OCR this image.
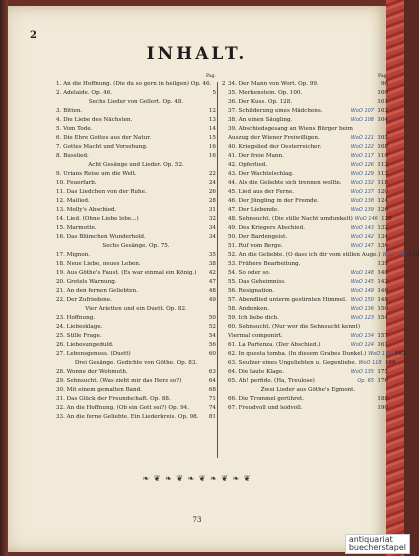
2
INHALT.
Pag.
1. An die Hoffnung. (Die du so gern in heilgen) Op. 46.	2
2. Adelaide. Op. 46.	5
Sechs Lieder von Gellert. Op. 48.
3. Bitten.	12
4. Die Liebe des Nächsten.	13
5. Vom Tode.	14
6. Die Ehre Gottes aus der Natur.	15
7. Gottes Macht und Vorsehung.	16
8. Busslied.	16
Acht Gesänge und Lieder. Op. 52.
9. Urians Reise um die Welt.	22
10. Feuerfarb.	24
11. Das Liedchen von der Ruhe.	26
12. Mailied.	28
13. Molly's Abschied.	31
14. Lied. (Ohne Liebe lebe...)	32
15. Marmotte.	34
16. Das Blümchen Wunderhold.	34
Sechs Gesänge. Op. 75.
17. Mignon.	35
18. Neue Liebe, neues Leben.	38
19. Aus Göthe's Faust. (Es war einmal ein König.)	42
20. Gretels Warnung.	47
21. An den fernen Geliebten.	48
22. Der Zufriedene.	49
Vier Arietten und ein Duett. Op. 82.
23. Hoffnung.	50
24. Liebesklage.	52
25. Stille Frage.	54
26. Liebesungeduld.	56
27. Lebensgenuss. (Duett)	60
Drei Gesänge. Gedichte von Göthe. Op. 83.
28. Wonne der Wehmuth.	63
29. Sehnsucht. (Was zieht mir das Herz so?)	64
30. Mit einem gemalten Band.	68
31. Das Glück der Freundschaft. Op. 88.	71
32. An die Hoffnung. (Ob ein Gott sei?) Op. 94.	74
33. An die ferne Geliebte. Ein Liederkreis. Op. 98.	81
Pag.
34. Der Mann von Wort. Op. 99.	96
35. Merkenstein. Op. 100.	100
36. Der Kuss. Op. 128.	101
37. Schilderung eines Mädchens.	WoO 107 103
38. An einen Säugling.	WoO 108 104
39. Abschiedsgesang an Wiens Bürger beim
Auszug der Wiener Freiwilligen.	WoO 121 105
40. Kriegslied der Oesterreicher.	WoO 122 108
41. Der freie Mann.	WoO 117 110
42. Opferlied.	WoO 126 112
43. Der Wachtelschlag.	WoO 129 113
44. Als die Geliebte sich trennen wollte.	WoO 132 118
45. Lied aus der Ferne.	WoO 137 120
46. Der Jüngling in der Fremde.	WoO 138 124
47. Der Liebende.	WoO 139 126
48. Sehnsucht. (Die stille Nacht umdunkelt) WoO 146 129
49. Des Kriegers Abschied.	WoO 143 132
50. Der Bardengeist.	WoO 142 134
51. Ruf vom Berge.	WoO 147 136
52. An die Geliebte. (O dass ich dir vom stillen Auge.) WoO 140 138
53. Frühere Bearbeitung.	139
54. So oder so.	WoO 148 140
55. Das Geheimniss.	WoO 145 142
56. Resignation.	WoO 149 146
57. Abendlied unterm gestirnten Himmel. WoO 150 148
58. Andenken.	WoO 136 150
59. Ich liebe dich.	WoO 123 154
60. Sehnsucht. (Nur wer die Sehnsucht kennt)
Viermal componirt.	WoO 134 157
61. La Partenza. (Der Abschied.)	WoO 124 161
62. In questa tomba. (In diesem Grabes Dunkel.) WoO 133 162
63. Seufzer eines Ungeliebten u. Gegenliebe. WoO 118 166
64. Die laute Klage.	WoO 135 175
65. Ah! perfido. (Ha, Treulose)	Op. 65 176
Zwei Lieder aus Göthe's Egmont.
66. Die Trommel gerühret.	188
67. Freudvoll und leidvoll.	190
❧ ❦ ❧ ❦ ❧ ❦ ❧ ❦ ❧ ❦
73
antiquariat
buecherstapel
